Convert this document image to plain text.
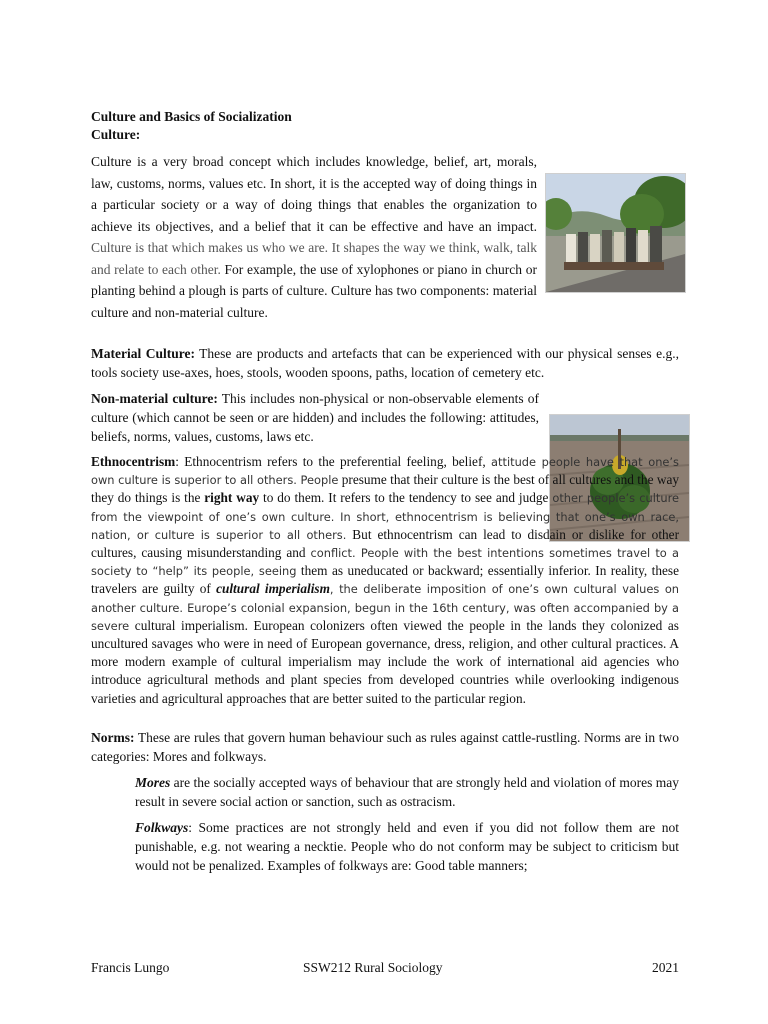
Culture and Basics of Socialization

Culture:

Culture is a very broad concept which includes knowledge, belief, art, morals, law, customs, norms, values etc. In short, it is the accepted way of doing things in a particular society or a way of doing things that enables the organization to achieve its objectives, and a belief that it can be effective and have an impact. Culture is that which makes us who we are. It shapes the way we think, walk, talk and relate to each other. For example, the use of xylophones or piano in church or planting behind a plough is parts of culture. Culture has two components: material culture and non-material culture.

Material Culture: These are products and artefacts that can be experienced with our physical senses e.g., tools society use-axes, hoes, stools, wooden spoons, paths, location of cemetery etc.

Non-material culture: This includes non-physical or non-observable elements of culture (which cannot be seen or are hidden) and includes the following: attitudes, beliefs, norms, values, customs, laws etc.

Ethnocentrism: Ethnocentrism refers to the preferential feeling, belief, attitude people have that one’s own culture is superior to all others. People presume that their culture is the best of all cultures and the way they do things is the right way to do them. It refers to the tendency to see and judge other people’s culture from the viewpoint of one’s own culture. In short, ethnocentrism is believing that one’s own race, nation, or culture is superior to all others. But ethnocentrism can lead to disdain or dislike for other cultures, causing misunderstanding and conflict. People with the best intentions sometimes travel to a society to “help” its people, seeing them as uneducated or backward; essentially inferior. In reality, these travelers are guilty of cultural imperialism, the deliberate imposition of one’s own cultural values on another culture. Europe’s colonial expansion, begun in the 16th century, was often accompanied by a severe cultural imperialism. European colonizers often viewed the people in the lands they colonized as uncultured savages who were in need of European governance, dress, religion, and other cultural practices. A more modern example of cultural imperialism may include the work of international aid agencies who introduce agricultural methods and plant species from developed countries while overlooking indigenous varieties and agricultural approaches that are better suited to the particular region.

Norms: These are rules that govern human behaviour such as rules against cattle-rustling. Norms are in two categories: Mores and folkways.

Mores are the socially accepted ways of behaviour that are strongly held and violation of mores may result in severe social action or sanction, such as ostracism.

Folkways: Some practices are not strongly held and even if you did not follow them are not punishable, e.g. not wearing a necktie. People who do not conform may be subject to criticism but would not be penalized. Examples of folkways are: Good table manners;

Francis Lungo	SSW212 Rural Sociology	2021
